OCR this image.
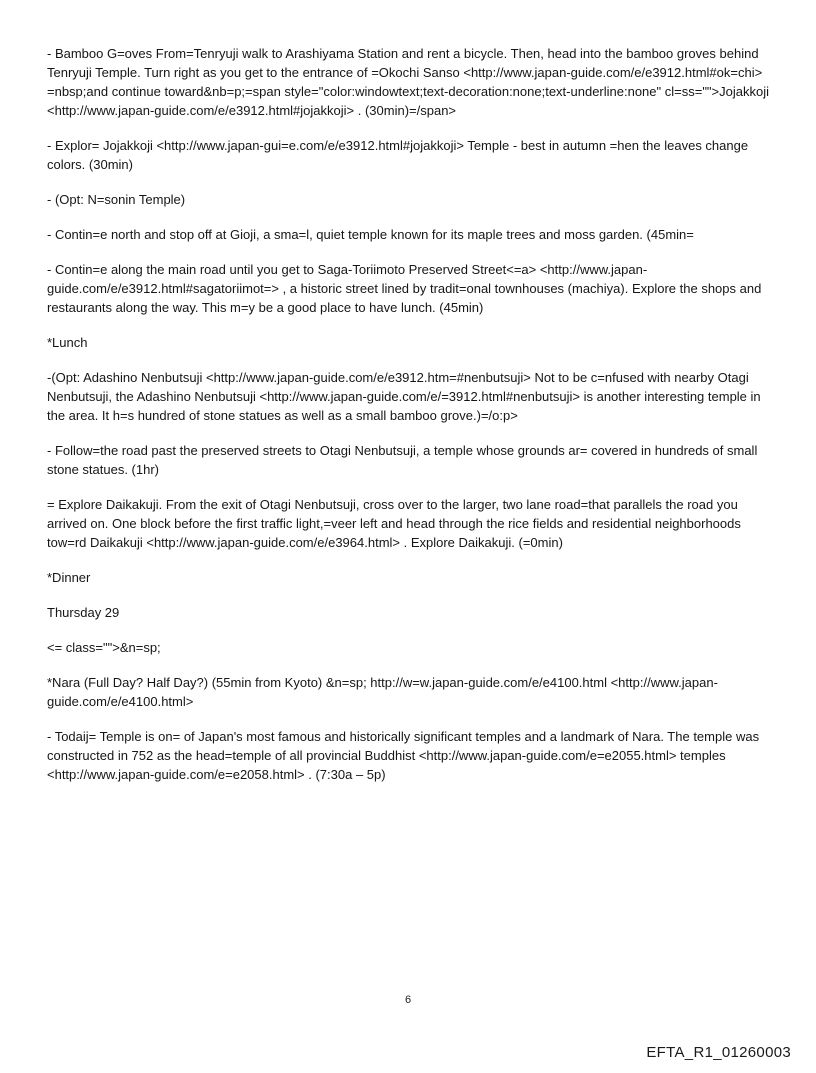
- Bamboo G=oves From=Tenryuji walk to Arashiyama Station and rent a bicycle. Then, head into the bamboo groves behind Tenryuji Temple. Turn right as you get to the entrance of =Okochi Sanso <http://www.japan-guide.com/e/e3912.html#ok=chi> =nbsp;and continue toward&nb=p;=span style="color:windowtext;text-decoration:none;text-underline:none" cl=ss="">Jojakkoji <http://www.japan-guide.com/e/e3912.html#jojakkoji> . (30min)=/span>

- Explor= Jojakkoji <http://www.japan-gui=e.com/e/e3912.html#jojakkoji> Temple - best in autumn =hen the leaves change colors. (30min)

- (Opt: N=sonin Temple)

- Contin=e north and stop off at Gioji, a sma=l, quiet temple known for its maple trees and moss garden. (45min=

- Contin=e along the main road until you get to Saga-Toriimoto Preserved Street<=a> <http://www.japan-guide.com/e/e3912.html#sagatoriimot=> , a historic street lined by tradit=onal townhouses (machiya). Explore the shops and restaurants along the way. This m=y be a good place to have lunch. (45min)

*Lunch

-(Opt: Adashino Nenbutsuji <http://www.japan-guide.com/e/e3912.htm=#nenbutsuji> Not to be c=nfused with nearby Otagi Nenbutsuji, the Adashino Nenbutsuji <http://www.japan-guide.com/e/=3912.html#nenbutsuji> is another interesting temple in the area. It h=s hundred of stone statues as well as a small bamboo grove.)=/o:p>

- Follow=the road past the preserved streets to Otagi Nenbutsuji, a temple whose grounds ar= covered in hundreds of small stone statues. (1hr)

= Explore Daikakuji. From the exit of Otagi Nenbutsuji, cross over to the larger, two lane road=that parallels the road you arrived on. One block before the first traffic light,=veer left and head through the rice fields and residential neighborhoods tow=rd Daikakuji <http://www.japan-guide.com/e/e3964.html> . Explore Daikakuji. (=0min)

*Dinner

Thursday 29

<= class="">&n=sp;

*Nara (Full Day? Half Day?) (55min from Kyoto) &n=sp; http://w=w.japan-guide.com/e/e4100.html <http://www.japan-guide.com/e/e4100.html>

- Todaij= Temple is on= of Japan's most famous and historically significant temples and a landmark of Nara. The temple was constructed in 752 as the head=temple of all provincial Buddhist <http://www.japan-guide.com/e=e2055.html> temples <http://www.japan-guide.com/e=e2058.html> . (7:30a – 5p)

6
EFTA_R1_01260003
